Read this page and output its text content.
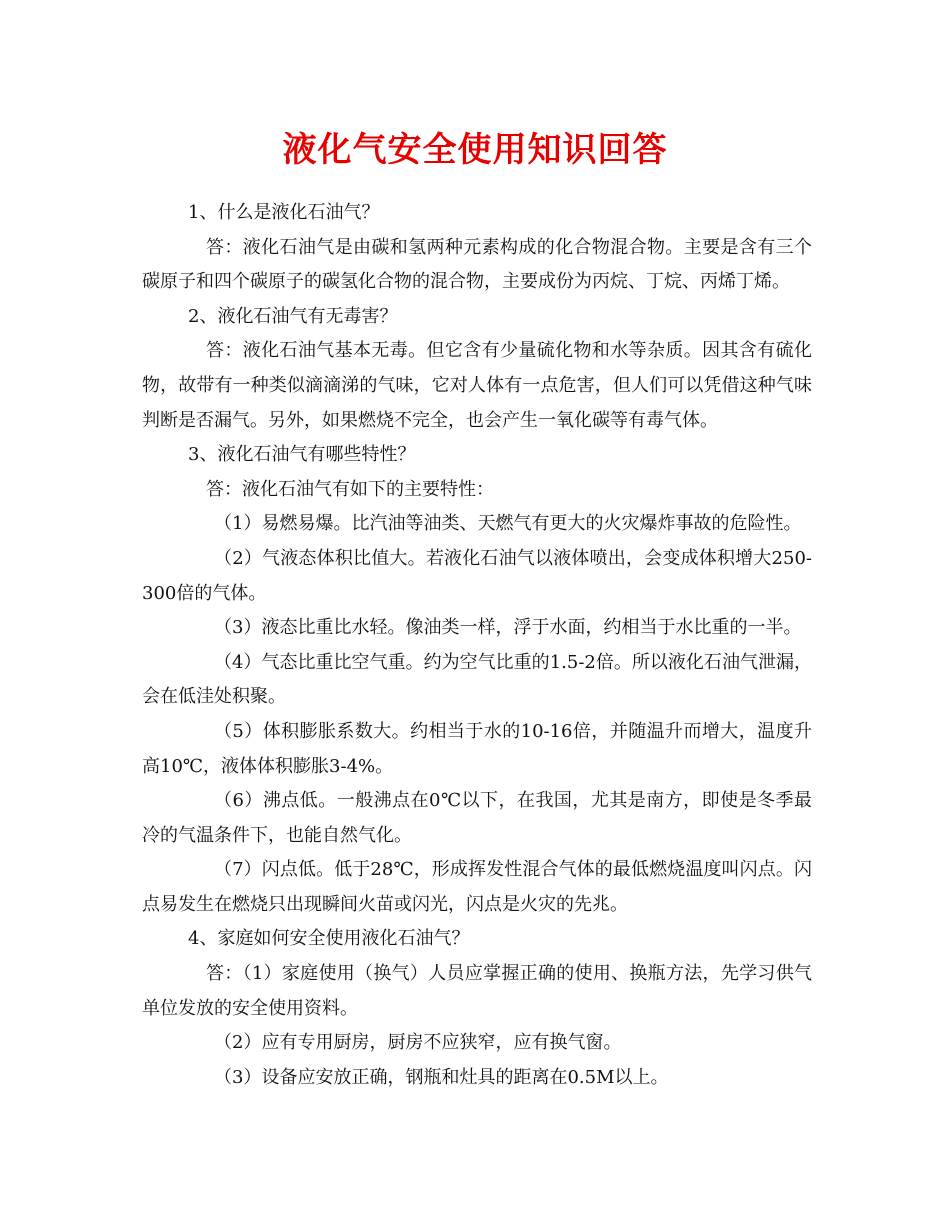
液化气安全使用知识回答

1、什么是液化石油气？

答：液化石油气是由碳和氢两种元素构成的化合物混合物。主要是含有三个碳原子和四个碳原子的碳氢化合物的混合物，主要成份为丙烷、丁烷、丙烯丁烯。

2、液化石油气有无毒害？

答：液化石油气基本无毒。但它含有少量硫化物和水等杂质。因其含有硫化物，故带有一种类似滴滴涕的气味，它对人体有一点危害，但人们可以凭借这种气味判断是否漏气。另外，如果燃烧不完全，也会产生一氧化碳等有毒气体。

3、液化石油气有哪些特性？

答：液化石油气有如下的主要特性：

（1）易燃易爆。比汽油等油类、天燃气有更大的火灾爆炸事故的危险性。

（2）气液态体积比值大。若液化石油气以液体喷出，会变成体积增大250-300倍的气体。

（3）液态比重比水轻。像油类一样，浮于水面，约相当于水比重的一半。

（4）气态比重比空气重。约为空气比重的1.5-2倍。所以液化石油气泄漏，会在低洼处积聚。

（5）体积膨胀系数大。约相当于水的10-16倍，并随温升而增大，温度升高10℃，液体体积膨胀3-4%。

（6）沸点低。一般沸点在0℃以下，在我国，尤其是南方，即使是冬季最冷的气温条件下，也能自然气化。

（7）闪点低。低于28℃，形成挥发性混合气体的最低燃烧温度叫闪点。闪点易发生在燃烧只出现瞬间火苗或闪光，闪点是火灾的先兆。

4、家庭如何安全使用液化石油气？

答：（1）家庭使用（换气）人员应掌握正确的使用、换瓶方法，先学习供气单位发放的安全使用资料。

（2）应有专用厨房，厨房不应狭窄，应有换气窗。

（3）设备应安放正确，钢瓶和灶具的距离在0.5M以上。
